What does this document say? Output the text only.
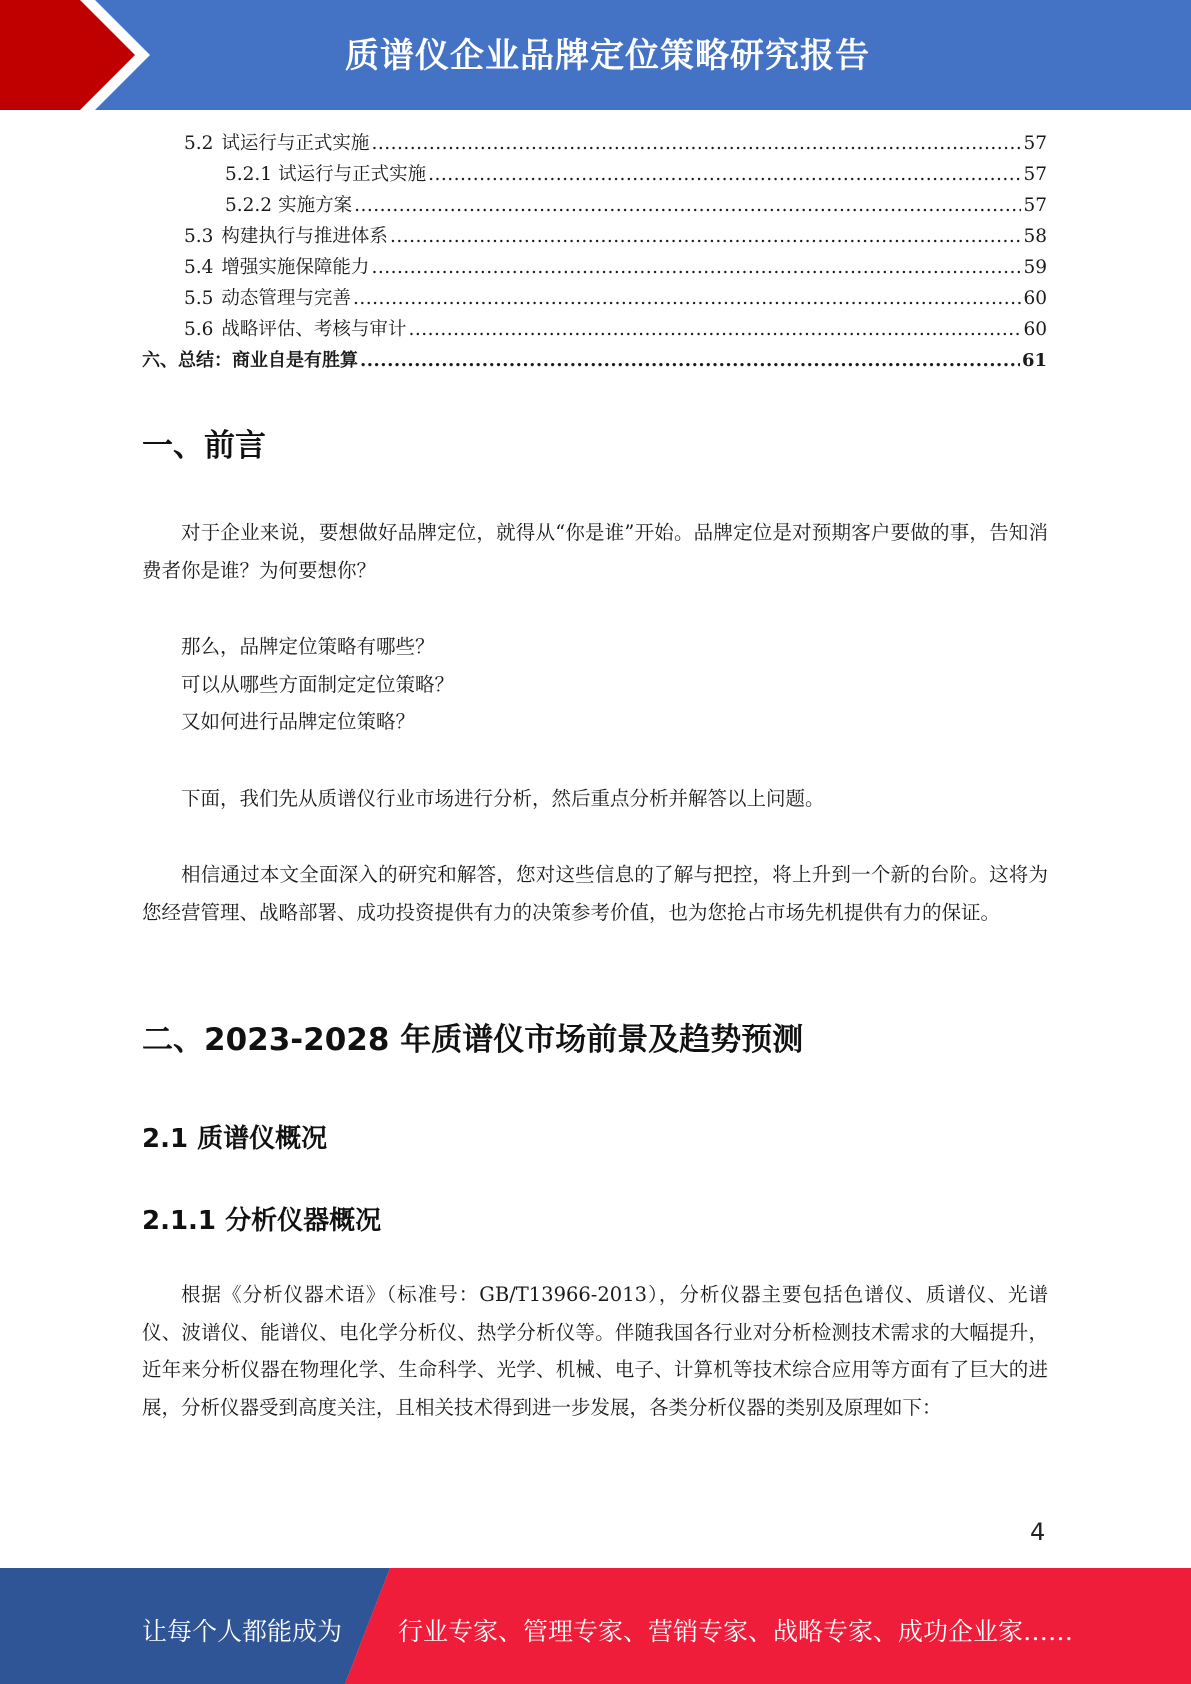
质谱仪企业品牌定位策略研究报告
5.2 试运行与正式实施 .....	57
5.2.1 试运行与正式实施 .....	57
5.2.2 实施方案 .....	57
5.3 构建执行与推进体系 .....	58
5.4 增强实施保障能力 .....	59
5.5 动态管理与完善 .....	60
5.6 战略评估、考核与审计 .....	60
六、总结：商业自是有胜算 .....	61
一、前言
对于企业来说，要想做好品牌定位，就得从“你是谁”开始。品牌定位是对预期客户要做的事，告知消费者你是谁？为何要想你？
那么，品牌定位策略有哪些？
可以从哪些方面制定定位策略？
又如何进行品牌定位策略？
下面，我们先从质谱仪行业市场进行分析，然后重点分析并解答以上问题。
相信通过本文全面深入的研究和解答，您对这些信息的了解与把控，将上升到一个新的台阶。这将为您经营管理、战略部署、成功投资提供有力的决策参考价值，也为您抢占市场先机提供有力的保证。
二、2023-2028 年质谱仪市场前景及趋势预测
2.1 质谱仪概况
2.1.1 分析仪器概况
根据《分析仪器术语》（标准号：GB/T13966-2013），分析仪器主要包括色谱仪、质谱仪、光谱仪、波谱仪、能谱仪、电化学分析仪、热学分析仪等。伴随我国各行业对分析检测技术需求的大幅提升，近年来分析仪器在物理化学、生命科学、光学、机械、电子、计算机等技术综合应用等方面有了巨大的进展，分析仪器受到高度关注，且相关技术得到进一步发展，各类分析仪器的类别及原理如下：
4
让每个人都能成为 行业专家、管理专家、营销专家、战略专家、成功企业家……
